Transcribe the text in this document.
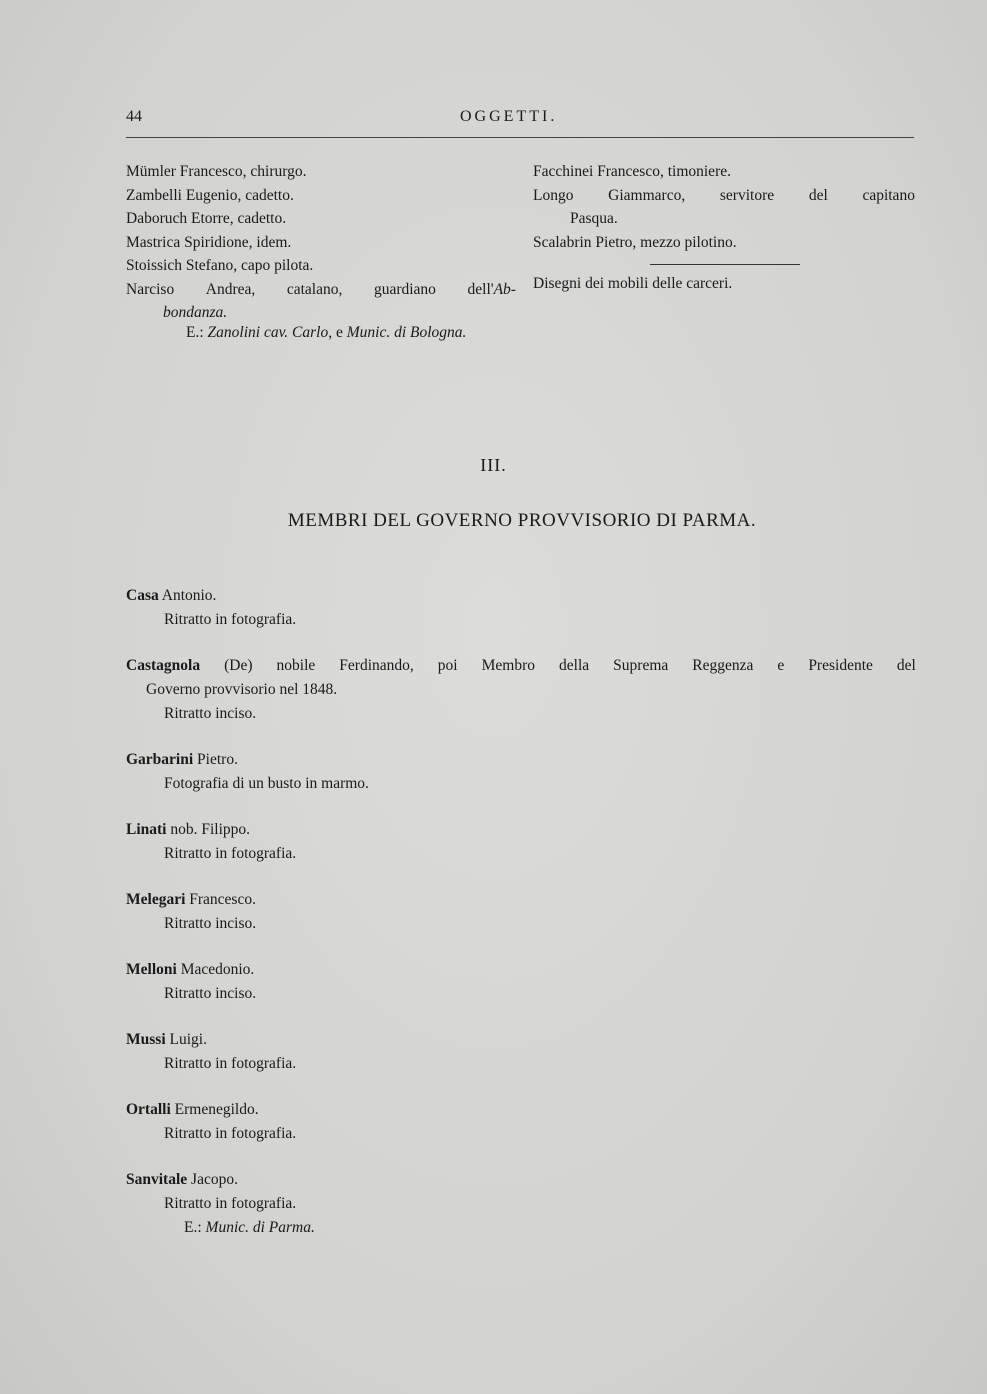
44	OGGETTI.
Mümler Francesco, chirurgo.
Zambelli Eugenio, cadetto.
Daboruch Etorre, cadetto.
Mastrica Spiridione, idem.
Stoissich Stefano, capo pilota.
Narciso Andrea, catalano, guardiano dell'Ab-
bondanza.
Facchinei Francesco, timoniere.
Longo Giammarco, servitore del capitano
Pasqua.
Scalabrin Pietro, mezzo pilotino.
Disegni dei mobili delle carceri.
E.: Zanolini cav. Carlo, e Munic. di Bologna.
III.
MEMBRI DEL GOVERNO PROVVISORIO DI PARMA.
Casa Antonio.
Ritratto in fotografia.
Castagnola (De) nobile Ferdinando, poi Membro della Suprema Reggenza e Presidente del
Governo provvisorio nel 1848.
Ritratto inciso.
Garbarini Pietro.
Fotografia di un busto in marmo.
Linati nob. Filippo.
Ritratto in fotografia.
Melegari Francesco.
Ritratto inciso.
Melloni Macedonio.
Ritratto inciso.
Mussi Luigi.
Ritratto in fotografia.
Ortalli Ermenegildo.
Ritratto in fotografia.
Sanvitale Jacopo.
Ritratto in fotografia.
E.: Munic. di Parma.
